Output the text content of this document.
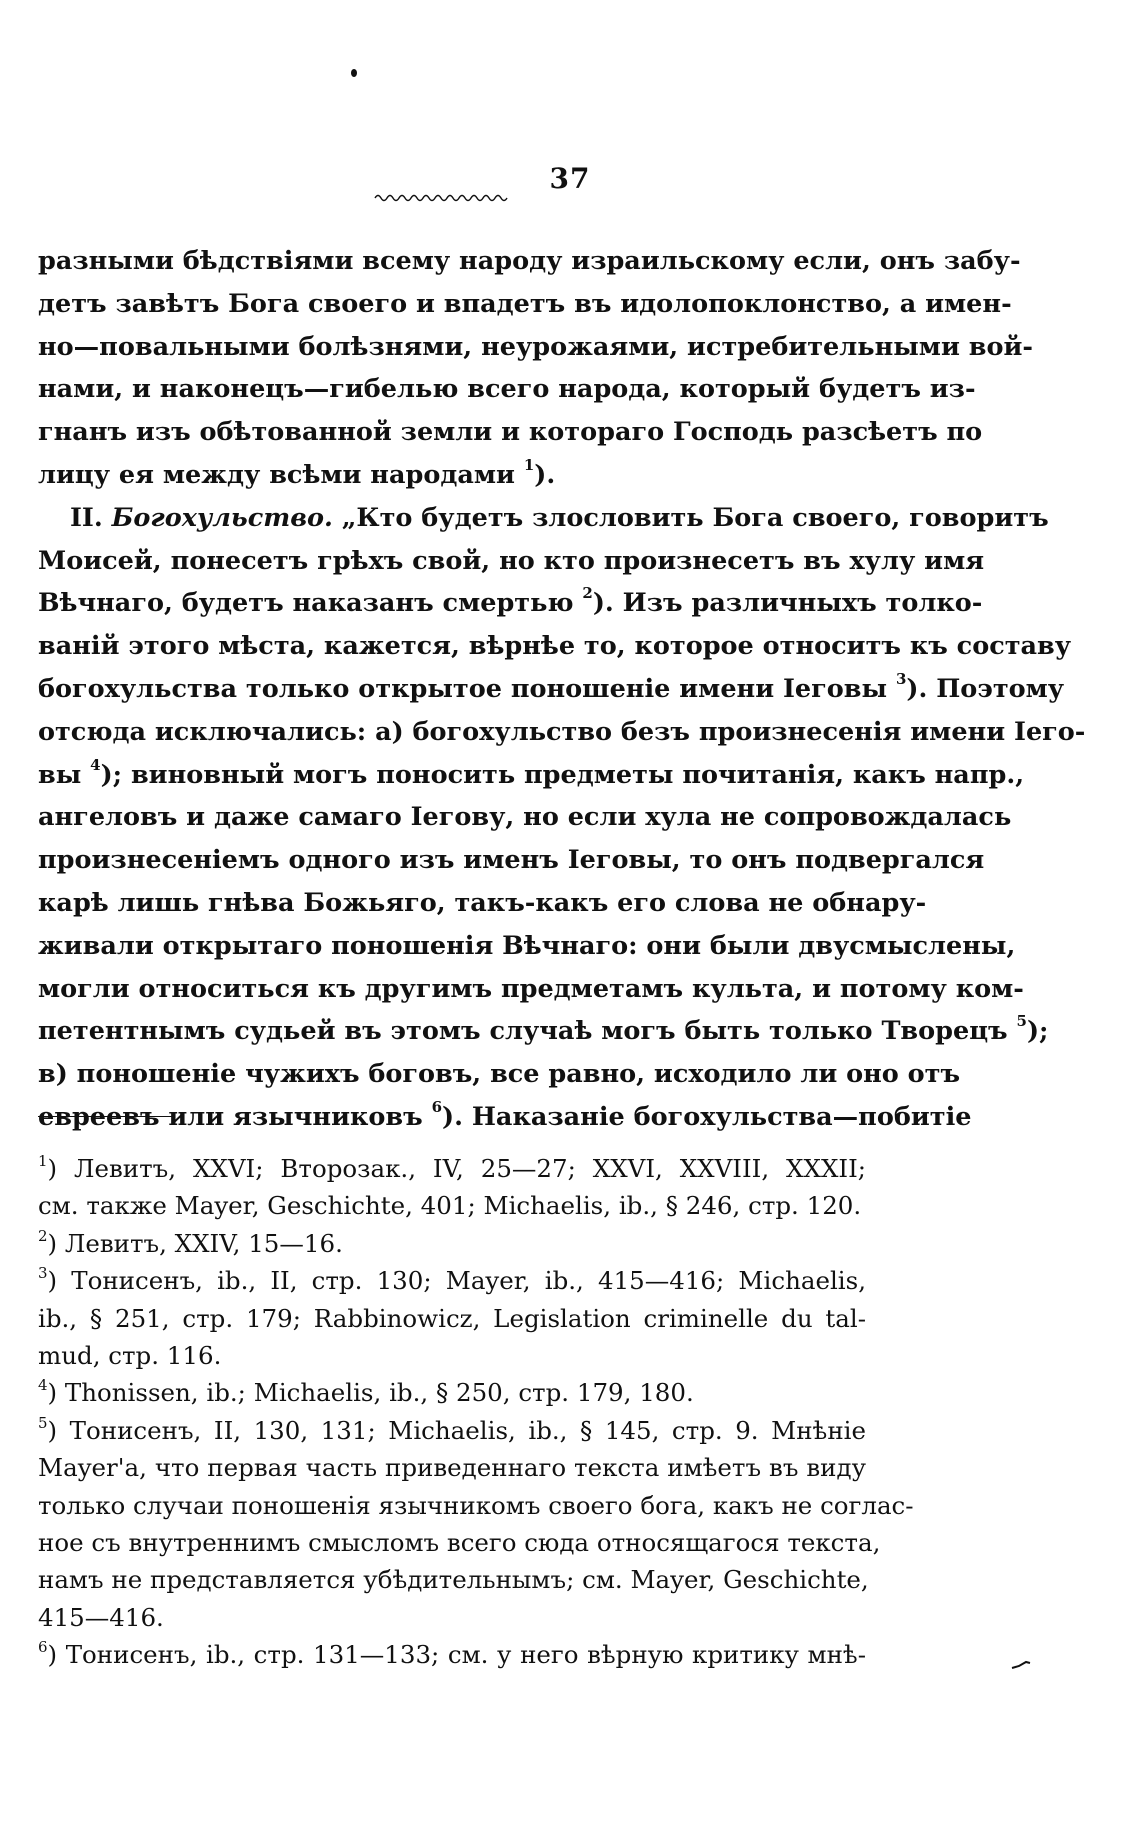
37
разными бѣдствіями всему народу израильскому если, онъ забу-
детъ завѣтъ Бога своего и впадетъ въ идолопоклонство, а имен-
но—повальными болѣзнями, неурожаями, истребительными вой-
нами, и наконецъ—гибелью всего народа, который будетъ из-
гнанъ изъ обѣтованной земли и котораго Господь разсѣетъ по
лицу ея между всѣми народами $^1$).
II. Богохульство. „Кто будетъ злословить Бога своего, говоритъ
Моисей, понесетъ грѣхъ свой, но кто произнесетъ въ хулу имя
Вѣчнаго, будетъ наказанъ смертью $^2$). Изъ различныхъ толко-
ваній этого мѣста, кажется, вѣрнѣе то, которое относитъ къ составу
богохульства только открытое поношеніе имени Іеговы $^3$). Поэтому
отсюда исключались: а) богохульство безъ произнесенія имени Іего-
вы $^4$); виновный могъ поносить предметы почитанія, какъ напр.,
ангеловъ и даже самаго Іегову, но если хула не сопровождалась
произнесеніемъ одного изъ именъ Іеговы, то онъ подвергался
карѣ лишь гнѣва Божьяго, такъ-какъ его слова не обнару-
живали открытаго поношенія Вѣчнаго: они были двусмыслены,
могли относиться къ другимъ предметамъ культа, и потому ком-
петентнымъ судьей въ этомъ случаѣ могъ быть только Творецъ $^5$);
в) поношеніе чужихъ боговъ, все равно, исходило ли оно отъ
евреевъ или язычниковъ $^6$). Наказаніе богохульства—побитіе
$^1$) Левитъ, XXVI; Второзак., IV, 25—27; XXVI, XXVIII, XXXII;
см. также Mayer, Geschichte, 401; Michaelis, ib., § 246, стр. 120.
$^2$) Левитъ, XXIV, 15—16.
$^3$) Тонисенъ, ib., II, стр. 130; Mayer, ib., 415—416; Michaelis,
ib., § 251, стр. 179; Rabbinowicz, Legislation criminelle du tal-
mud, стр. 116.
$^4$) Thonissen, ib.; Michaelis, ib., § 250, стр. 179, 180.
$^5$) Тонисенъ, II, 130, 131; Michaelis, ib., § 145, стр. 9. Мнѣніе
Mayer'a, что первая часть приведеннаго текста имѣетъ въ виду
только случаи поношенія язычникомъ своего бога, какъ не соглас-
ное съ внутреннимъ смысломъ всего сюда относящагося текста,
намъ не представляется убѣдительнымъ; см. Mayer, Geschichte,
415—416.
$^6$) Тонисенъ, ib., стр. 131—133; см. у него вѣрную критику мнѣ-
